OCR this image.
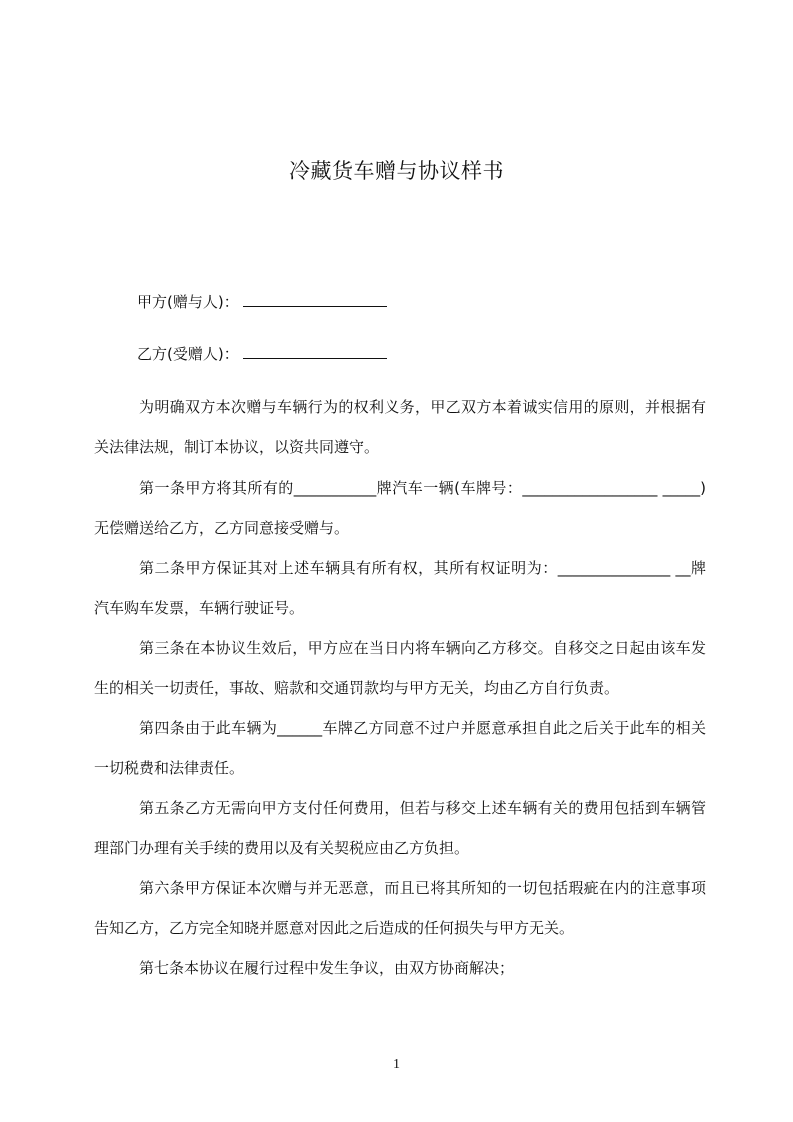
冷藏货车赠与协议样书
甲方(赠与人)：
乙方(受赠人)：

为明确双方本次赠与车辆行为的权利义务，甲乙双方本着诚实信用的原则，并根据有关法律法规，制订本协议，以资共同遵守。

第一条甲方将其所有的___________牌汽车一辆(车牌号：__________________ _____)无偿赠送给乙方，乙方同意接受赠与。

第二条甲方保证其对上述车辆具有所有权，其所有权证明为：_______________ __牌汽车购车发票，车辆行驶证号。

第三条在本协议生效后，甲方应在当日内将车辆向乙方移交。自移交之日起由该车发生的相关一切责任，事故、赔款和交通罚款均与甲方无关，均由乙方自行负责。

第四条由于此车辆为______车牌乙方同意不过户并愿意承担自此之后关于此车的相关一切税费和法律责任。

第五条乙方无需向甲方支付任何费用，但若与移交上述车辆有关的费用包括到车辆管理部门办理有关手续的费用以及有关契税应由乙方负担。

第六条甲方保证本次赠与并无恶意，而且已将其所知的一切包括瑕疵在内的注意事项告知乙方，乙方完全知晓并愿意对因此之后造成的任何损失与甲方无关。

第七条本协议在履行过程中发生争议，由双方协商解决；

1
